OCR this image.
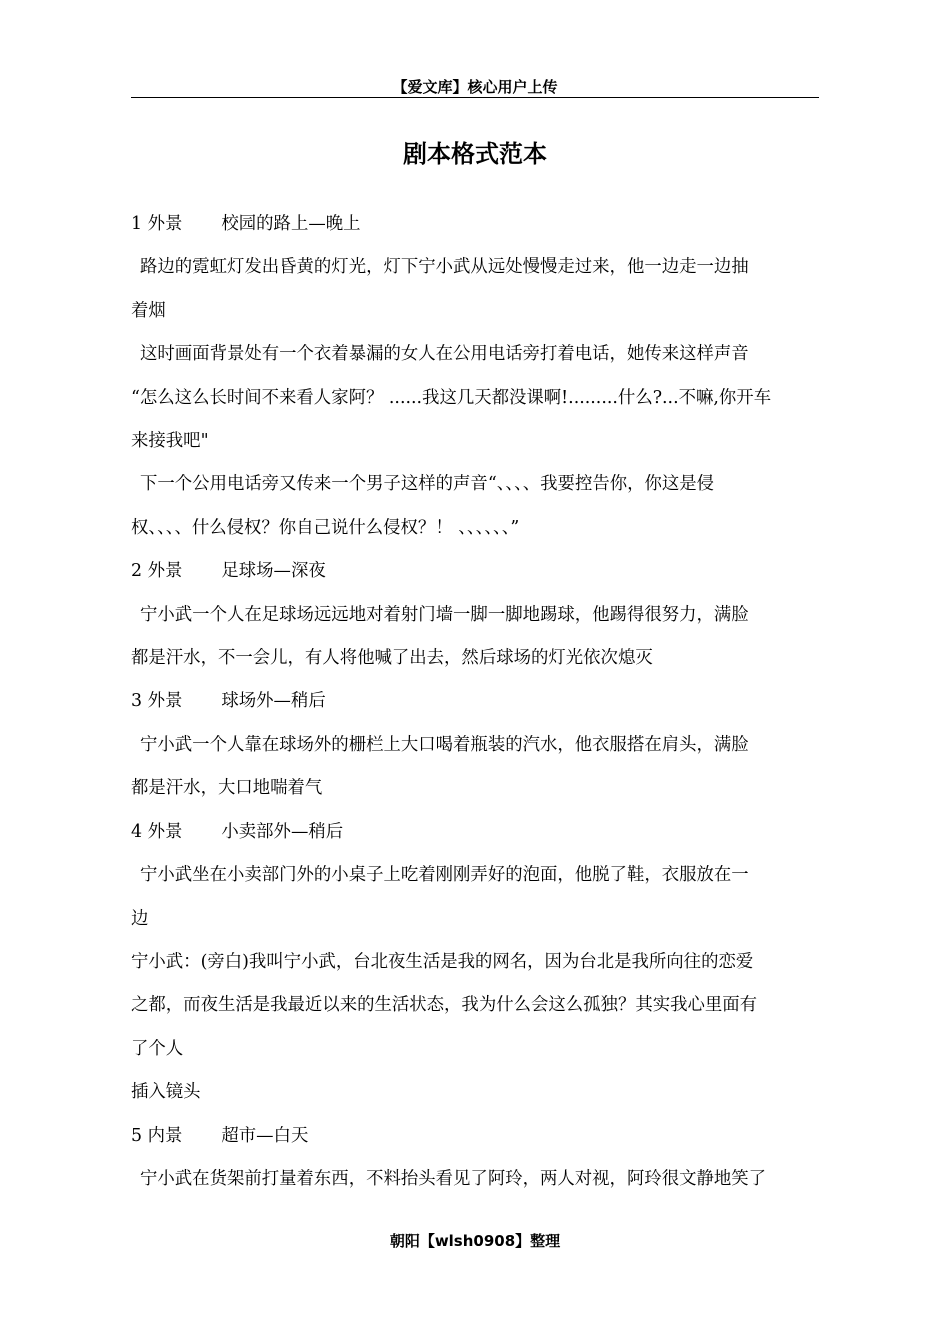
【爱文库】核心用户上传
剧本格式范本

1 外景 校园的路上—晚上

路边的霓虹灯发出昏黄的灯光，灯下宁小武从远处慢慢走过来，他一边走一边抽

着烟

这时画面背景处有一个衣着暴漏的女人在公用电话旁打着电话，她传来这样声音

“怎么这么长时间不来看人家阿？ ......我这几天都没课啊!.........什么?...不嘛,你开车

来接我吧"

下一个公用电话旁又传来一个男子这样的声音“、、、、我要控告你，你这是侵

权、、、、什么侵权？你自己说什么侵权？！ 、、、、、、”

2 外景 足球场—深夜

宁小武一个人在足球场远远地对着射门墙一脚一脚地踢球，他踢得很努力，满脸

都是汗水，不一会儿，有人将他喊了出去，然后球场的灯光依次熄灭

3 外景 球场外—稍后

宁小武一个人靠在球场外的栅栏上大口喝着瓶装的汽水，他衣服搭在肩头，满脸

都是汗水，大口地喘着气

4 外景 小卖部外—稍后

宁小武坐在小卖部门外的小桌子上吃着刚刚弄好的泡面，他脱了鞋，衣服放在一

边

宁小武：(旁白)我叫宁小武，台北夜生活是我的网名，因为台北是我所向往的恋爱

之都，而夜生活是我最近以来的生活状态，我为什么会这么孤独？其实我心里面有

了个人

插入镜头

5 内景 超市—白天

宁小武在货架前打量着东西，不料抬头看见了阿玲，两人对视，阿玲很文静地笑了

朝阳【wlsh0908】整理
